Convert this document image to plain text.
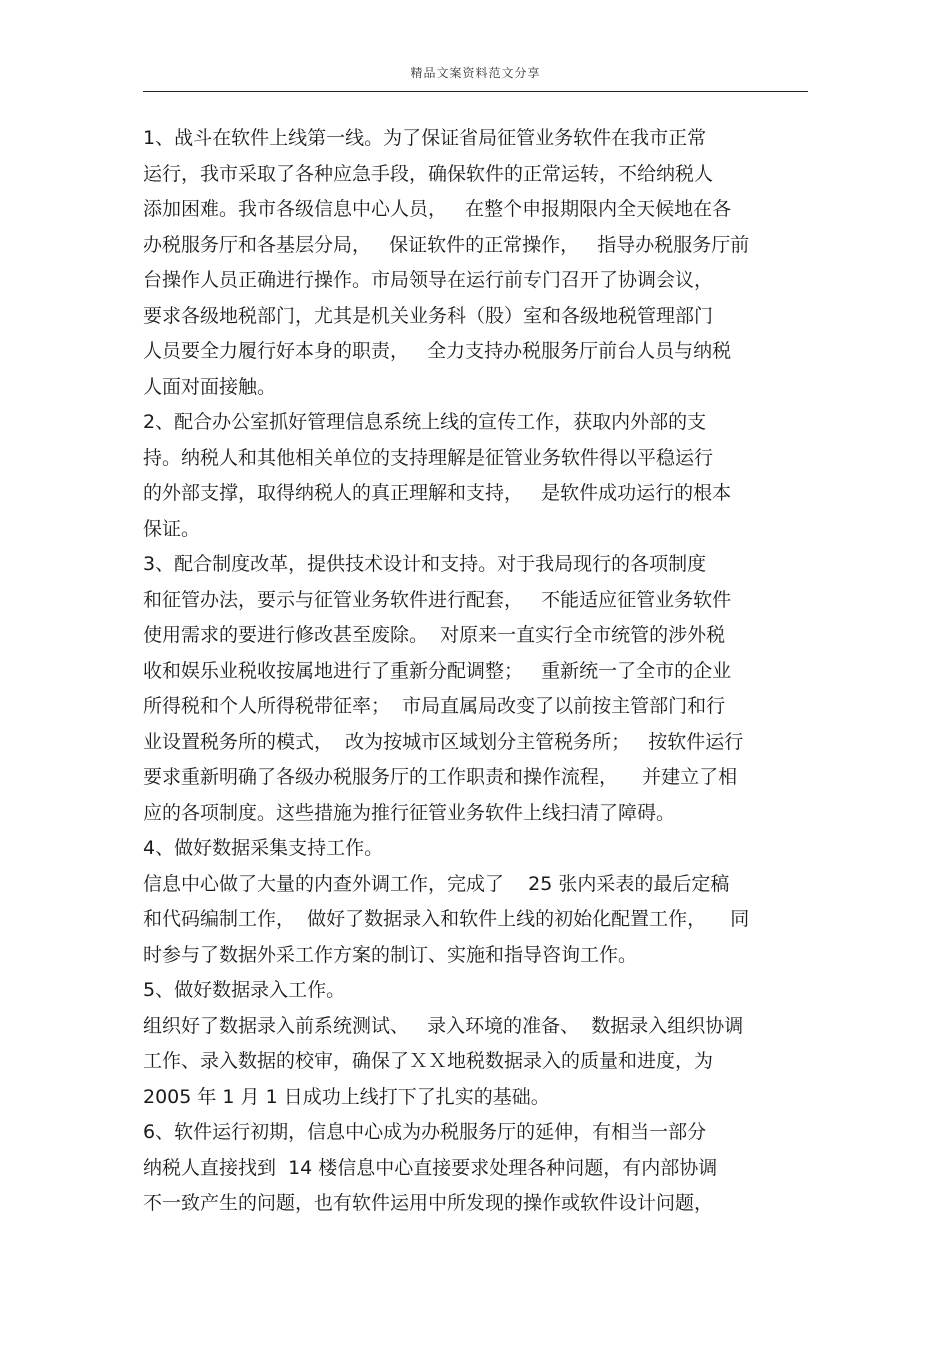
精品文案资料范文分享
1、战斗在软件上线第一线。为了保证省局征管业务软件在我市正常
运行，我市采取了各种应急手段，确保软件的正常运转，不给纳税人
添加困难。我市各级信息中心人员，   在整个申报期限内全天候地在各
办税服务厅和各基层分局，   保证软件的正常操作，   指导办税服务厅前
台操作人员正确进行操作。市局领导在运行前专门召开了协调会议，
要求各级地税部门，尤其是机关业务科（股）室和各级地税管理部门
人员要全力履行好本身的职责，   全力支持办税服务厅前台人员与纳税
人面对面接触。
2、配合办公室抓好管理信息系统上线的宣传工作，获取内外部的支
持。纳税人和其他相关单位的支持理解是征管业务软件得以平稳运行
的外部支撑，取得纳税人的真正理解和支持，   是软件成功运行的根本
保证。
3、配合制度改革，提供技术设计和支持。对于我局现行的各项制度
和征管办法，要示与征管业务软件进行配套，   不能适应征管业务软件
使用需求的要进行修改甚至废除。  对原来一直实行全市统管的涉外税
收和娱乐业税收按属地进行了重新分配调整；   重新统一了全市的企业
所得税和个人所得税带征率；  市局直属局改变了以前按主管部门和行
业设置税务所的模式，  改为按城市区域划分主管税务所；   按软件运行
要求重新明确了各级办税服务厅的工作职责和操作流程，    并建立了相
应的各项制度。这些措施为推行征管业务软件上线扫清了障碍。
4、做好数据采集支持工作。
信息中心做了大量的内查外调工作，完成了    25 张内采表的最后定稿
和代码编制工作，  做好了数据录入和软件上线的初始化配置工作，    同
时参与了数据外采工作方案的制订、实施和指导咨询工作。
5、做好数据录入工作。
组织好了数据录入前系统测试、   录入环境的准备、  数据录入组织协调
工作、录入数据的校审，确保了ＸＸ地税数据录入的质量和进度，为
2005 年 1 月 1 日成功上线打下了扎实的基础。
6、软件运行初期，信息中心成为办税服务厅的延伸，有相当一部分
纳税人直接找到  14 楼信息中心直接要求处理各种问题，有内部协调
不一致产生的问题，也有软件运用中所发现的操作或软件设计问题，
